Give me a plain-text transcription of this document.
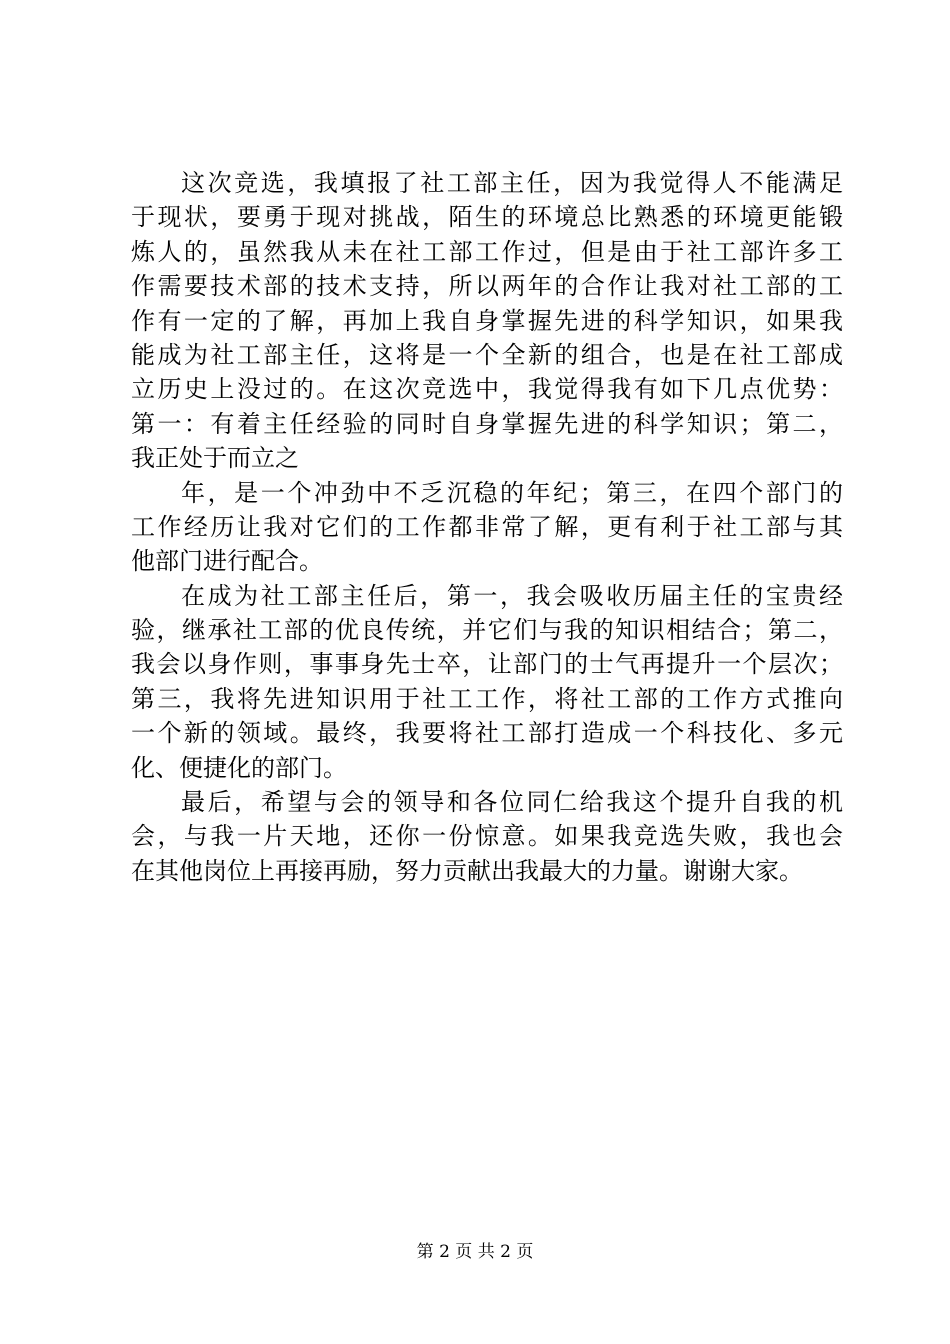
这次竞选，我填报了社工部主任，因为我觉得人不能满足
于现状，要勇于现对挑战，陌生的环境总比熟悉的环境更能锻
炼人的，虽然我从未在社工部工作过，但是由于社工部许多工
作需要技术部的技术支持，所以两年的合作让我对社工部的工
作有一定的了解，再加上我自身掌握先进的科学知识，如果我
能成为社工部主任，这将是一个全新的组合，也是在社工部成
立历史上没过的。在这次竞选中，我觉得我有如下几点优势：
第一：有着主任经验的同时自身掌握先进的科学知识；第二，
我正处于而立之
年，是一个冲劲中不乏沉稳的年纪；第三，在四个部门的
工作经历让我对它们的工作都非常了解，更有利于社工部与其
他部门进行配合。
在成为社工部主任后，第一，我会吸收历届主任的宝贵经
验，继承社工部的优良传统，并它们与我的知识相结合；第二，
我会以身作则，事事身先士卒，让部门的士气再提升一个层次；
第三，我将先进知识用于社工工作，将社工部的工作方式推向
一个新的领域。最终，我要将社工部打造成一个科技化、多元
化、便捷化的部门。
最后，希望与会的领导和各位同仁给我这个提升自我的机
会，与我一片天地，还你一份惊意。如果我竞选失败，我也会
在其他岗位上再接再励，努力贡献出我最大的力量。谢谢大家。
第 2 页 共 2 页
